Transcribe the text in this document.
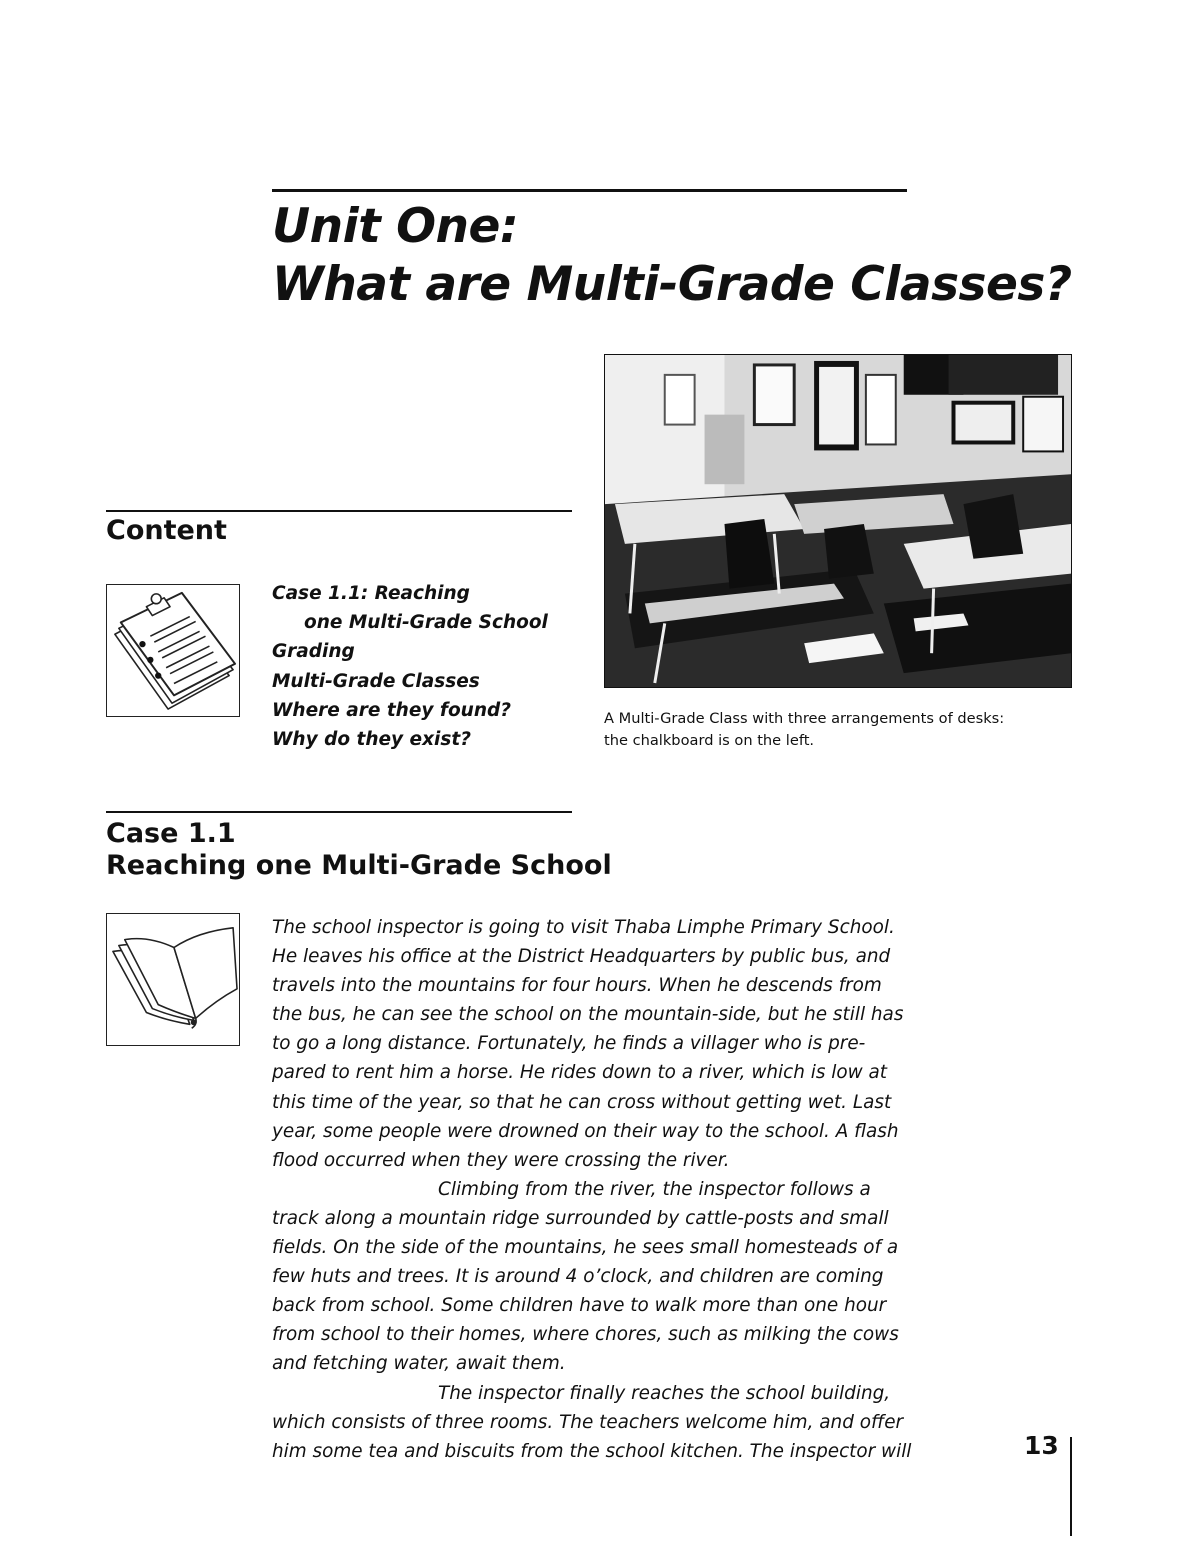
Unit One:
What are Multi-Grade Classes?
Content
Case 1.1: Reaching
one Multi-Grade School
Grading
Multi-Grade Classes
Where are they found?
Why do they exist?
A Multi-Grade Class with three arrangements of desks:
the chalkboard is on the left.
Case 1.1
Reaching one Multi-Grade School
The school inspector is going to visit Thaba Limphe Primary School.
He leaves his office at the District Headquarters by public bus, and
travels into the mountains for four hours. When he descends from
the bus, he can see the school on the mountain-side, but he still has
to go a long distance. Fortunately, he finds a villager who is pre-
pared to rent him a horse. He rides down to a river, which is low at
this time of the year, so that he can cross without getting wet. Last
year, some people were drowned on their way to the school. A flash
flood occurred when they were crossing the river.
Climbing from the river, the inspector follows a
track along a mountain ridge surrounded by cattle-posts and small
fields. On the side of the mountains, he sees small homesteads of a
few huts and trees. It is around 4 o’clock, and children are coming
back from school. Some children have to walk more than one hour
from school to their homes, where chores, such as milking the cows
and fetching water, await them.
The inspector finally reaches the school building,
which consists of three rooms. The teachers welcome him, and offer
him some tea and biscuits from the school kitchen. The inspector will	13
